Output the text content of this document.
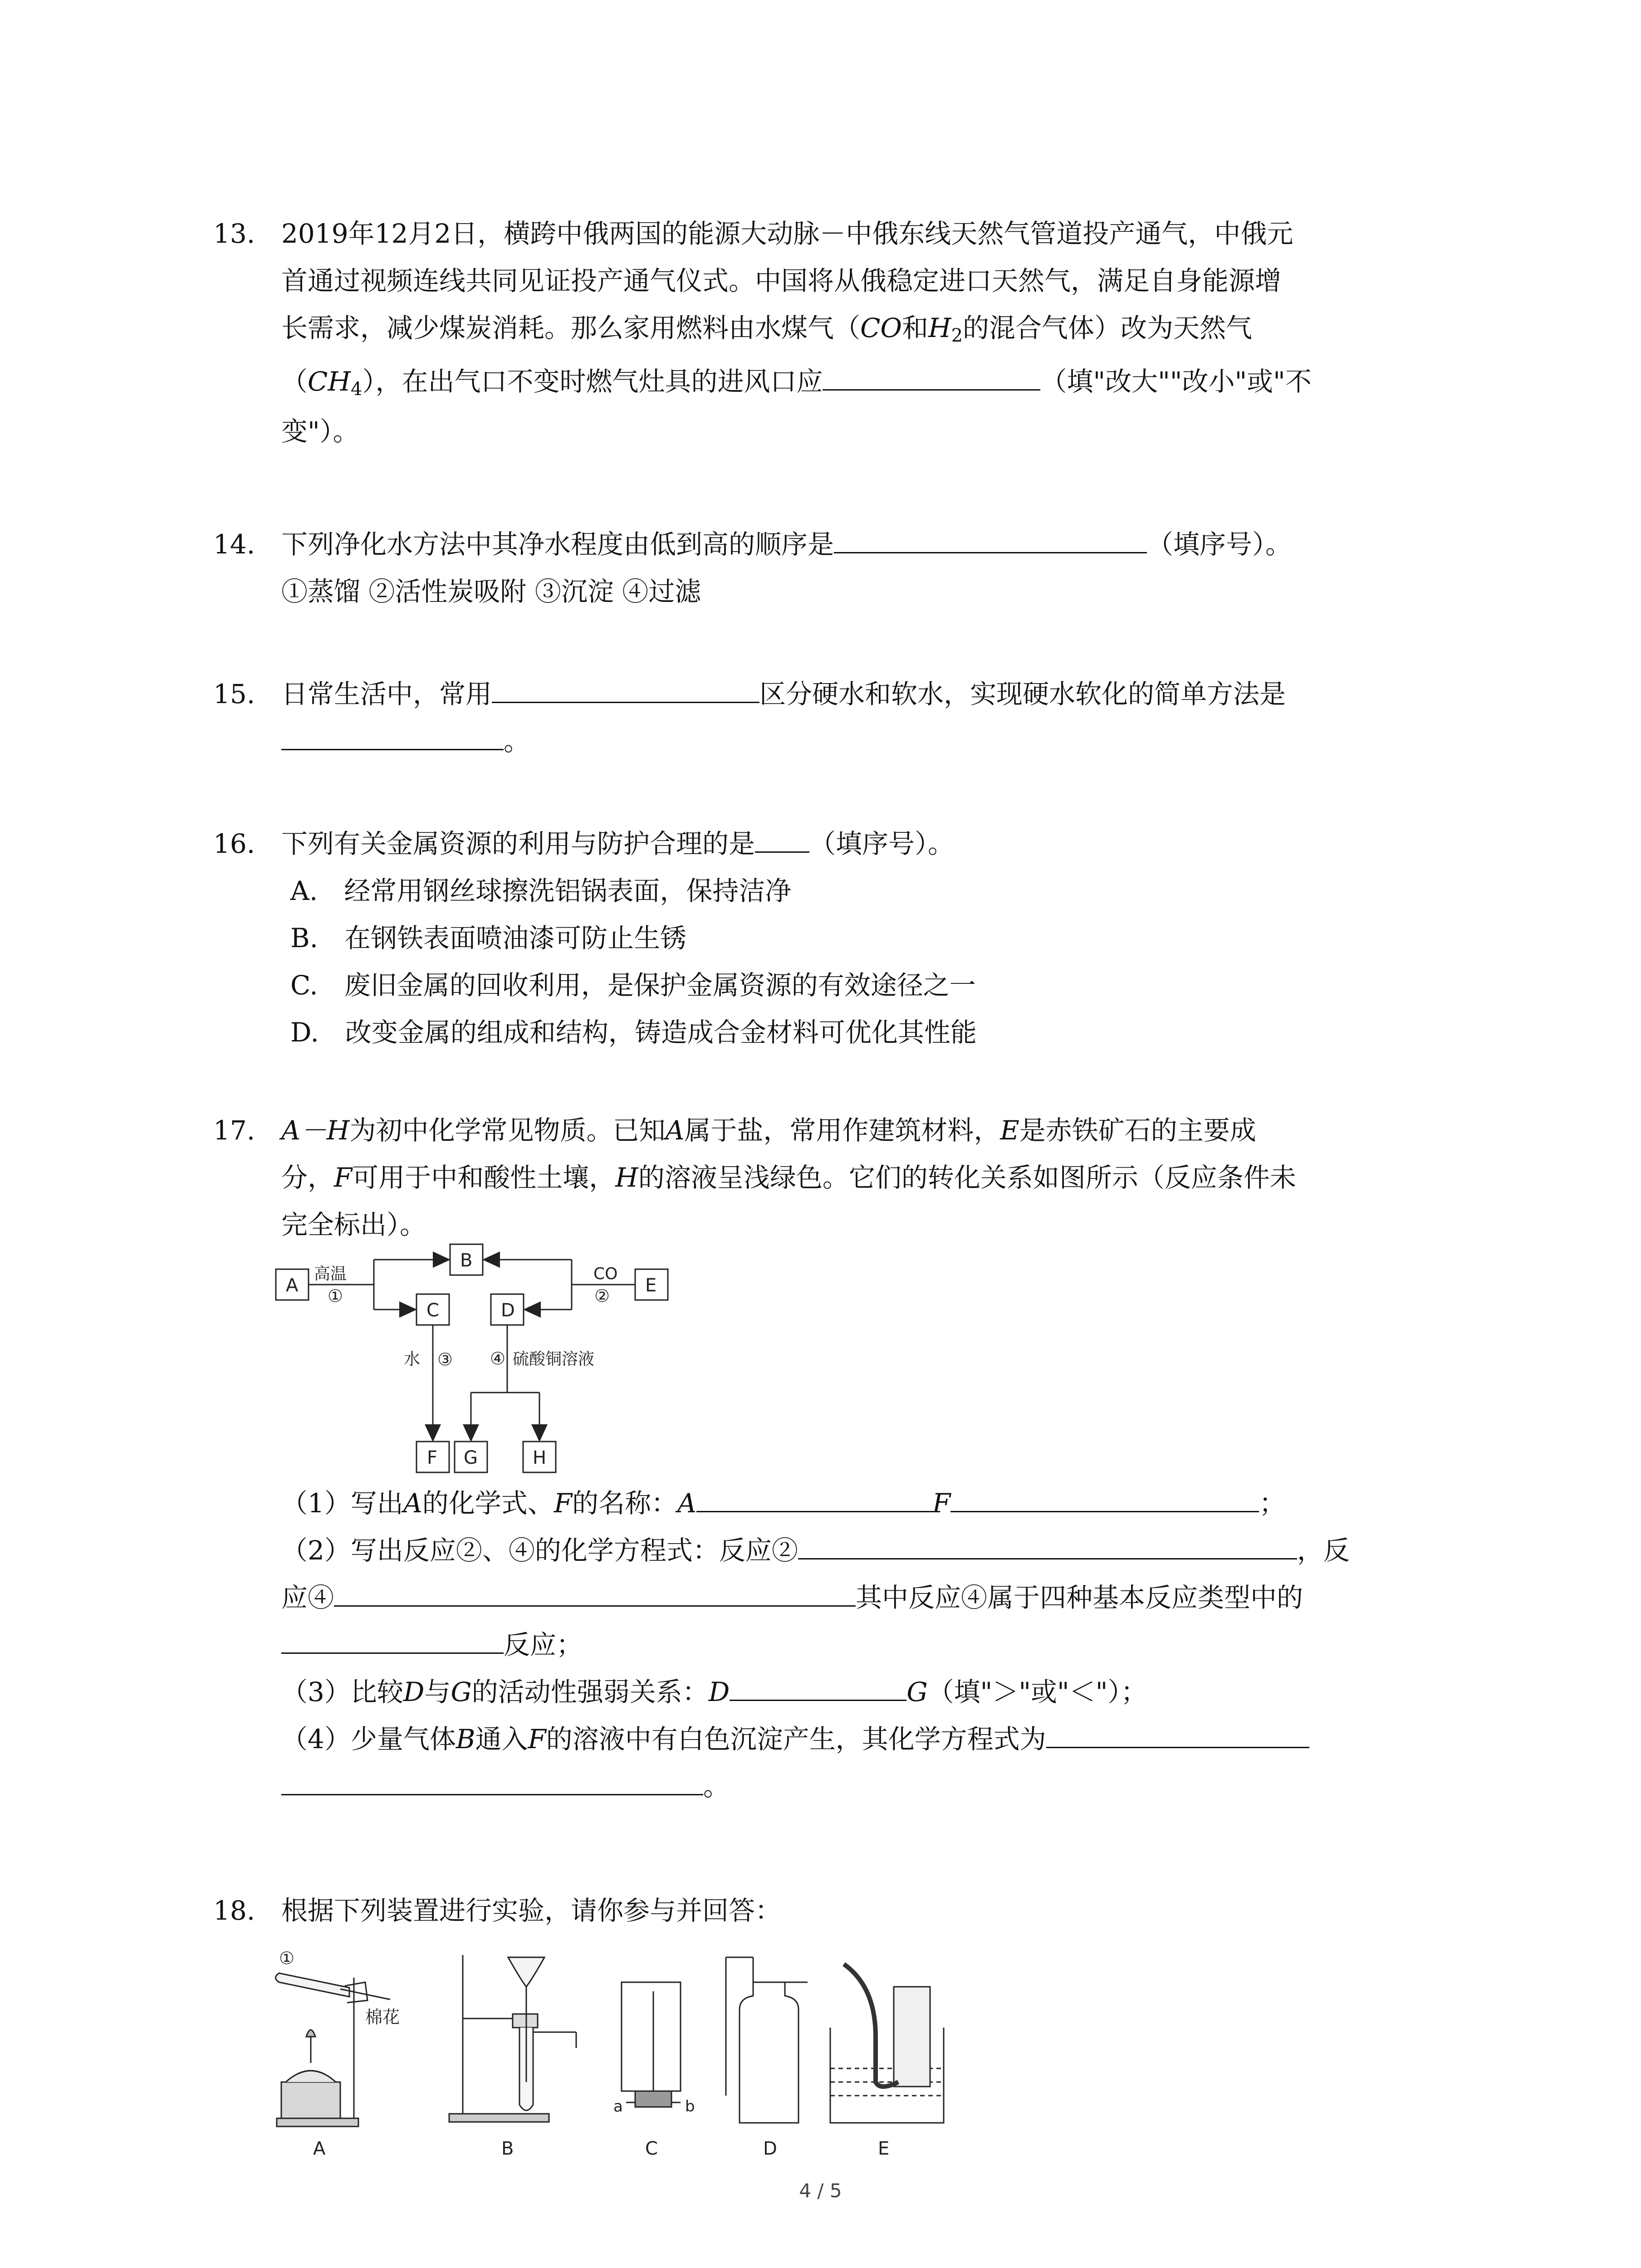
13. 2019年12月2日，横跨中俄两国的能源大动脉－中俄东线天然气管道投产通气，中俄元
首通过视频连线共同见证投产通气仪式。中国将从俄稳定进口天然气，满足自身能源增
长需求，减少煤炭消耗。那么家用燃料由水煤气（CO和$H_2$的混合气体）改为天然气
$(CH_4)$，在出气口不变时燃气灶具的进风口应	（填"改大""改小"或"不
变"）。
14. 下列净化水方法中其净水程度由低到高的顺序是	（填序号）。
①蒸馏 ②活性炭吸附 ③沉淀 ④过滤
15. 日常生活中，常用	区分硬水和软水，实现硬水软化的简单方法是
。
16. 下列有关金属资源的利用与防护合理的是 （填序号）。
A.　经常用钢丝球擦洗铝锅表面，保持洁净
B.　在钢铁表面喷油漆可防止生锈
C.　废旧金属的回收利用，是保护金属资源的有效途径之一
D.　改变金属的组成和结构，铸造成合金材料可优化其性能
17. A－H为初中化学常见物质。已知A属于盐，常用作建筑材料，E是赤铁矿石的主要成
分，F可用于中和酸性土壤，H的溶液呈浅绿色。它们的转化关系如图所示（反应条件未
完全标出）。
A
B
C	D
E
F G	H
高温
①
CO
②
水 ③ ④ 硫酸铜溶液
（1）写出A的化学式、F的名称：A	F	；
（2）写出反应②、④的化学方程式：反应②	，反
应④	其中反应④属于四种基本反应类型中的
反应；
（3）比较D与G的活动性强弱关系：D	G（填"＞"或"＜"）；
（4）少量气体B通入F的溶液中有白色沉淀产生，其化学方程式为
。
18. 根据下列装置进行实验，请你参与并回答：
①
棉花
a	b
A	B	C	D	E
4 / 5
